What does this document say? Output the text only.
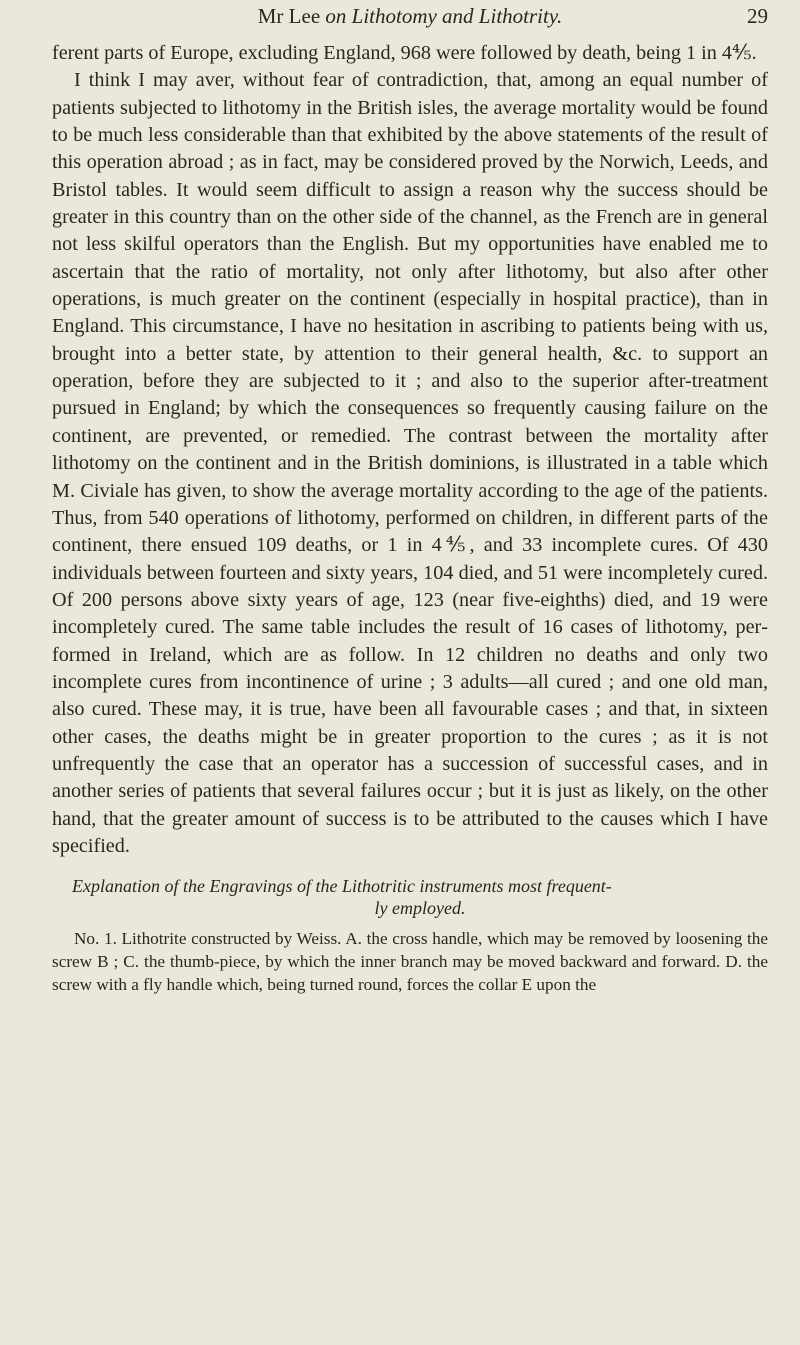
Mr Lee on Lithotomy and Lithotrity.	29

ferent parts of Europe, excluding England, 968 were followed by death, being 1 in 4⅘.

I think I may aver, without fear of contradiction, that, among an equal number of patients subjected to lithotomy in the British isles, the average mortality would be found to be much less considerable than that exhibited by the above statements of the result of this operation abroad ; as in fact, may be considered proved by the Norwich, Leeds, and Bristol tables. It would seem difficult to assign a reason why the success should be greater in this country than on the other side of the channel, as the French are in general not less skilful operators than the English. But my opportunities have enabled me to ascertain that the ratio of mortality, not only after lithotomy, but also after other operations, is much greater on the continent (especially in hospital practice), than in England. This circumstance, I have no hesitation in ascribing to patients being with us, brought into a better state, by attention to their general health, &c. to support an operation, before they are subjected to it ; and also to the superior after-treatment pursued in England; by which the consequences so frequently causing failure on the continent, are prevented, or remedied. The contrast between the mortality after lithotomy on the continent and in the British dominions, is illustrated in a table which M. Civiale has given, to show the average mortality according to the age of the patients. Thus, from 540 operations of lithotomy, performed on children, in different parts of the continent, there ensued 109 deaths, or 1 in 4⅘, and 33 incomplete cures. Of 430 individuals between fourteen and sixty years, 104 died, and 51 were incompletely cured. Of 200 persons above sixty years of age, 123 (near five-eighths) died, and 19 were incompletely cured. The same table includes the result of 16 cases of lithotomy, performed in Ireland, which are as follow. In 12 children no deaths and only two incomplete cures from incontinence of urine ; 3 adults—all cured ; and one old man, also cured. These may, it is true, have been all favourable cases ; and that, in sixteen other cases, the deaths might be in greater proportion to the cures ; as it is not unfrequently the case that an operator has a succession of successful cases, and in another series of patients that several failures occur ; but it is just as likely, on the other hand, that the greater amount of success is to be attributed to the causes which I have specified.

Explanation of the Engravings of the Lithotritic instruments most frequent-
ly employed.

No. 1. Lithotrite constructed by Weiss. A. the cross handle, which may be removed by loosening the screw B ; C. the thumb-piece, by which the inner branch may be moved backward and forward. D. the screw with a fly handle which, being turned round, forces the collar E upon the
